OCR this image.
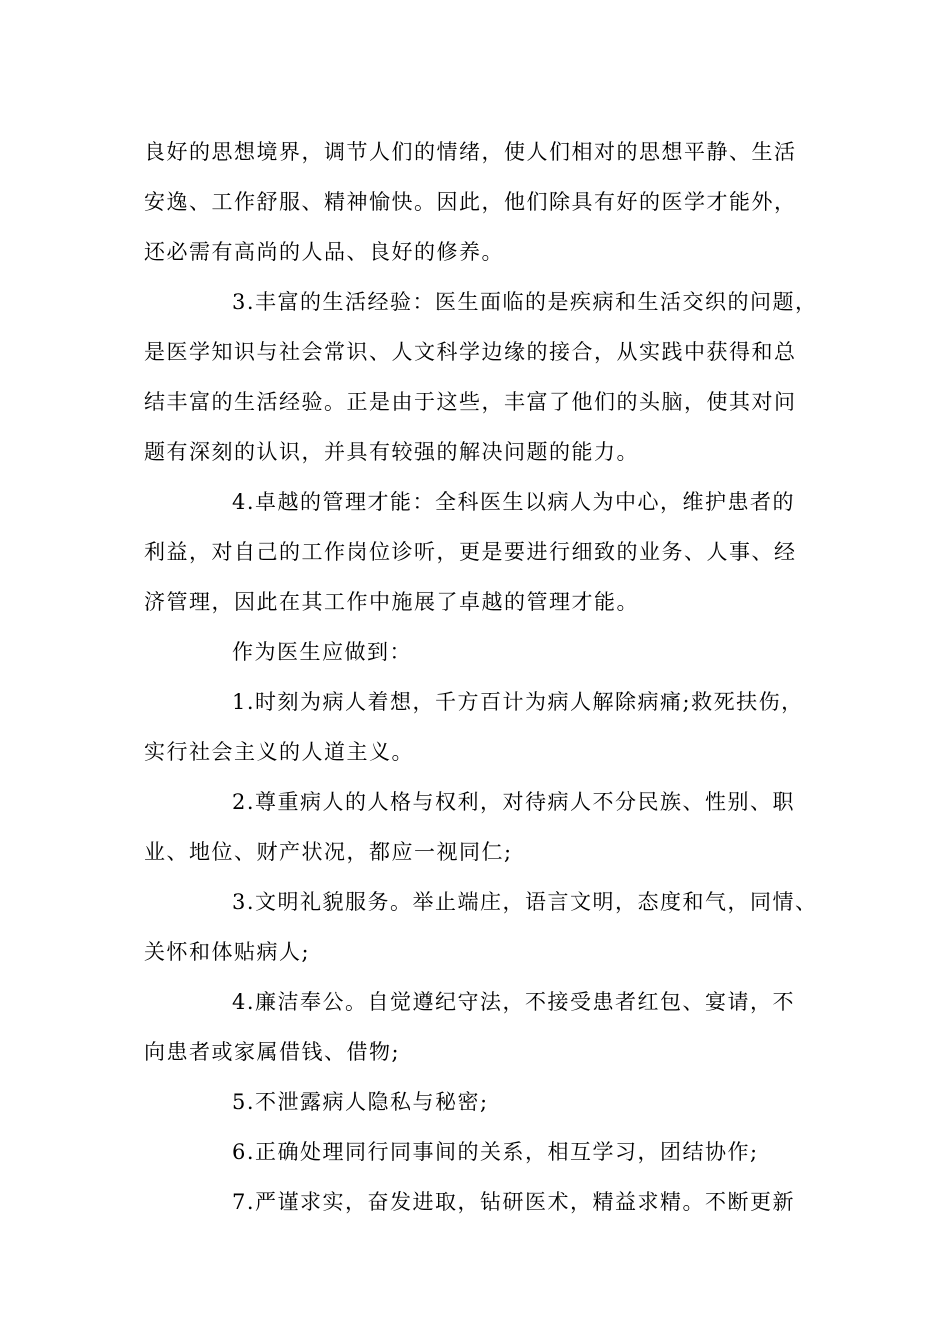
良好的思想境界，调节人们的情绪，使人们相对的思想平静、生活
安逸、工作舒服、精神愉快。因此，他们除具有好的医学才能外，
还必需有高尚的人品、良好的修养。
3.丰富的生活经验：医生面临的是疾病和生活交织的问题，
是医学知识与社会常识、人文科学边缘的接合，从实践中获得和总
结丰富的生活经验。正是由于这些，丰富了他们的头脑，使其对问
题有深刻的认识，并具有较强的解决问题的能力。
4.卓越的管理才能：全科医生以病人为中心，维护患者的
利益，对自己的工作岗位诊听，更是要进行细致的业务、人事、经
济管理，因此在其工作中施展了卓越的管理才能。
作为医生应做到：
1.时刻为病人着想，千方百计为病人解除病痛;救死扶伤，
实行社会主义的人道主义。
2.尊重病人的人格与权利，对待病人不分民族、性别、职
业、地位、财产状况，都应一视同仁;
3.文明礼貌服务。举止端庄，语言文明，态度和气，同情、
关怀和体贴病人;
4.廉洁奉公。自觉遵纪守法，不接受患者红包、宴请，不
向患者或家属借钱、借物;
5.不泄露病人隐私与秘密;
6.正确处理同行同事间的关系，相互学习，团结协作;
7.严谨求实，奋发进取，钻研医术，精益求精。不断更新
